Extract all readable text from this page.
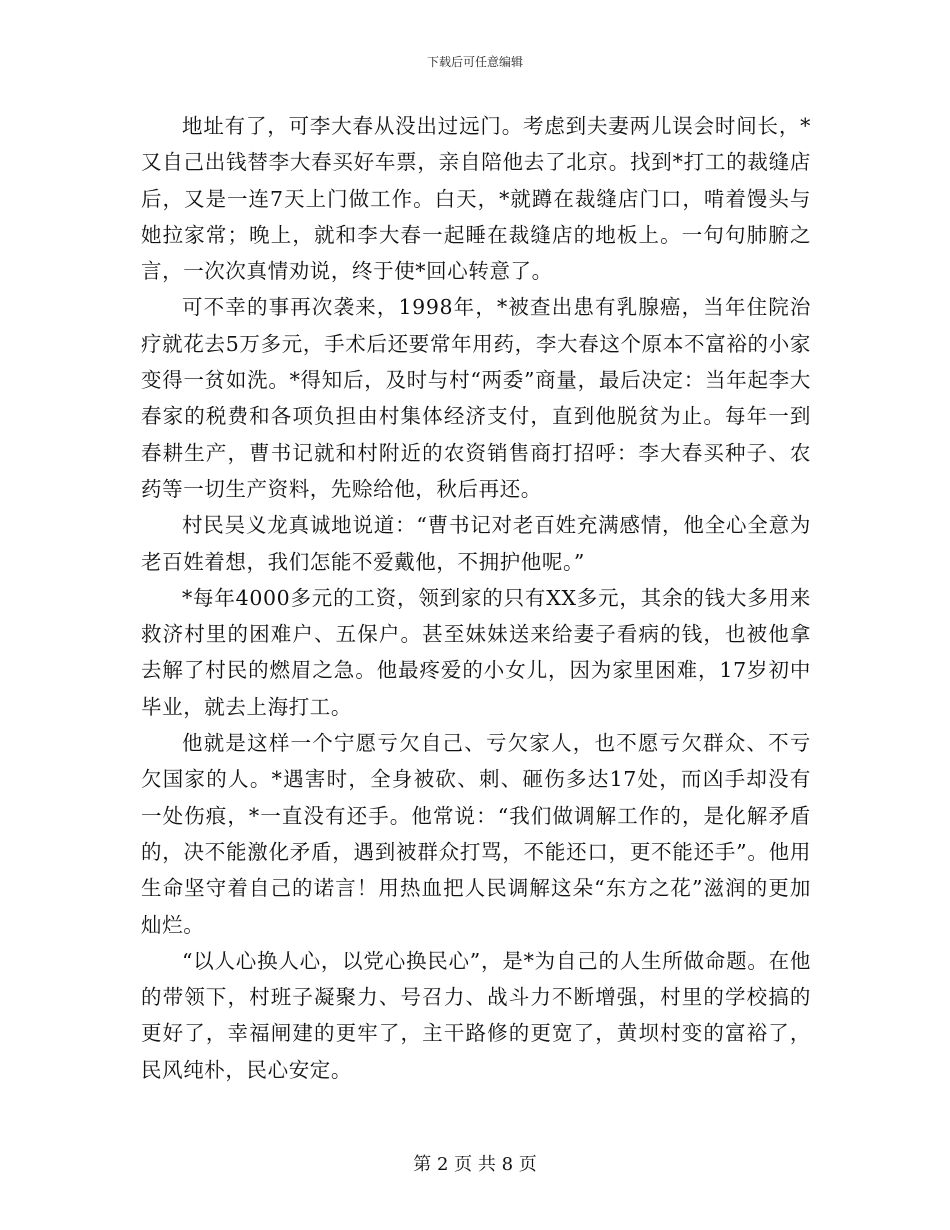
下载后可任意编辑

地址有了，可李大春从没出过远门。考虑到夫妻两儿误会时间长，*又自己出钱替李大春买好车票，亲自陪他去了北京。找到*打工的裁缝店后，又是一连7天上门做工作。白天，*就蹲在裁缝店门口，啃着馒头与她拉家常；晚上，就和李大春一起睡在裁缝店的地板上。一句句肺腑之言，一次次真情劝说，终于使*回心转意了。

可不幸的事再次袭来，1998年，*被查出患有乳腺癌，当年住院治疗就花去5万多元，手术后还要常年用药，李大春这个原本不富裕的小家变得一贫如洗。*得知后，及时与村“两委”商量，最后决定：当年起李大春家的税费和各项负担由村集体经济支付，直到他脱贫为止。每年一到春耕生产，曹书记就和村附近的农资销售商打招呼：李大春买种子、农药等一切生产资料，先赊给他，秋后再还。

村民吴义龙真诚地说道：“曹书记对老百姓充满感情，他全心全意为老百姓着想，我们怎能不爱戴他，不拥护他呢。”

*每年4000多元的工资，领到家的只有XX多元，其余的钱大多用来救济村里的困难户、五保户。甚至妹妹送来给妻子看病的钱，也被他拿去解了村民的燃眉之急。他最疼爱的小女儿，因为家里困难，17岁初中毕业，就去上海打工。

他就是这样一个宁愿亏欠自己、亏欠家人，也不愿亏欠群众、不亏欠国家的人。*遇害时，全身被砍、刺、砸伤多达17处，而凶手却没有一处伤痕，*一直没有还手。他常说：“我们做调解工作的，是化解矛盾的，决不能激化矛盾，遇到被群众打骂，不能还口，更不能还手”。他用生命坚守着自己的诺言！用热血把人民调解这朵“东方之花”滋润的更加灿烂。

“以人心换人心，以党心换民心”，是*为自己的人生所做命题。在他的带领下，村班子凝聚力、号召力、战斗力不断增强，村里的学校搞的更好了，幸福闸建的更牢了，主干路修的更宽了，黄坝村变的富裕了，民风纯朴，民心安定。

第 2 页 共 8 页
